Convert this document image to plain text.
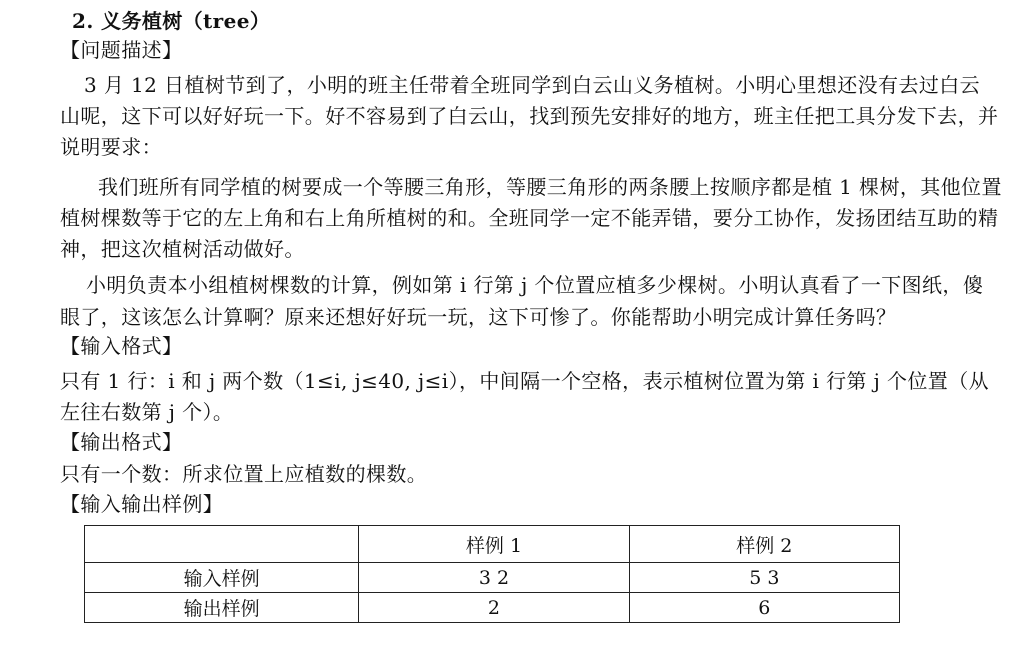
2. 义务植树（tree）
【问题描述】
3 月 12 日植树节到了，小明的班主任带着全班同学到白云山义务植树。小明心里想还没有去过白云
山呢，这下可以好好玩一下。好不容易到了白云山，找到预先安排好的地方，班主任把工具分发下去，并
说明要求：
我们班所有同学植的树要成一个等腰三角形，等腰三角形的两条腰上按顺序都是植 1 棵树，其他位置
植树棵数等于它的左上角和右上角所植树的和。全班同学一定不能弄错，要分工协作，发扬团结互助的精
神，把这次植树活动做好。
小明负责本小组植树棵数的计算，例如第 i 行第 j 个位置应植多少棵树。小明认真看了一下图纸，傻
眼了，这该怎么计算啊？原来还想好好玩一玩，这下可惨了。你能帮助小明完成计算任务吗？
【输入格式】
只有 1 行：i 和 j 两个数（1≤i, j≤40, j≤i），中间隔一个空格，表示植树位置为第 i 行第 j 个位置（从
左往右数第 j 个）。
【输出格式】
只有一个数：所求位置上应植数的棵数。
【输入输出样例】
	样例 1	样例 2
输入样例	3 2	5 3
输出样例	2	6
